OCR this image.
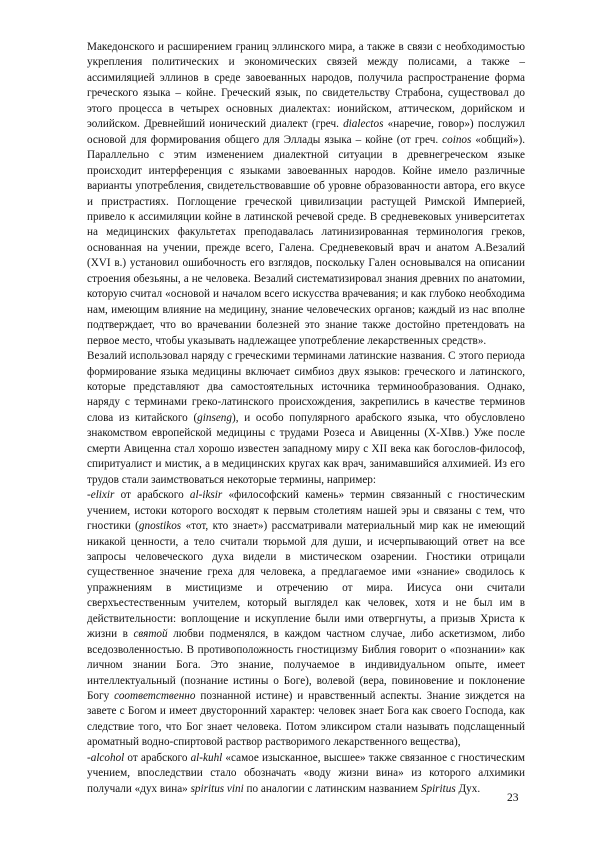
Македонского и расширением границ эллинского мира, а также в связи с необходимостью укрепления политических и экономических связей между полисами, а также – ассимиляцией эллинов в среде завоеванных народов, получила распространение форма греческого языка – койне. Греческий язык, по свидетельству Страбона, существовал до этого процесса в четырех основных диалектах: ионийском, аттическом, дорийском и эолийском. Древнейший ионический диалект (греч. dialectos «наречие, говор») послужил основой для формирования общего для Эллады языка – койне (от греч. coinos «общий»). Параллельно с этим изменением диалектной ситуации в древнегреческом языке происходит интерференция с языками завоеванных народов. Койне имело различные варианты употребления, свидетельствовавшие об уровне образованности автора, его вкусе и пристрастиях. Поглощение греческой цивилизации растущей Римской Империей, привело к ассимиляции койне в латинской речевой среде. В средневековых университетах на медицинских факультетах преподавалась латинизированная терминология греков, основанная на учении, прежде всего, Галена. Средневековый врач и анатом А.Везалий (XVI в.) установил ошибочность его взглядов, поскольку Гален основывался на описании строения обезьяны, а не человека. Везалий систематизировал знания древних по анатомии, которую считал «основой и началом всего искусства врачевания; и как глубоко необходима нам, имеющим влияние на медицину, знание человеческих органов; каждый из нас вполне подтверждает, что во врачевании болезней это знание также достойно претендовать на первое место, чтобы указывать надлежащее употребление лекарственных средств».

Везалий использовал наряду с греческими терминами латинские названия. С этого периода формирование языка медицины включает симбиоз двух языков: греческого и латинского, которые представляют два самостоятельных источника терминообразования. Однако, наряду с терминами греко-латинского происхождения, закрепились в качестве терминов слова из китайского (ginseng), и особо популярного арабского языка, что обусловлено знакомством европейской медицины с трудами Розеса и Авиценны (X-XIвв.) Уже после смерти Авиценна стал хорошо известен западному миру с XII века как богослов-философ, спиритуалист и мистик, а в медицинских кругах как врач, занимавшийся алхимией. Из его трудов стали заимствоваться некоторые термины, например:

-elixir от арабского al-iksir «философский камень» термин связанный с гностическим учением, истоки которого восходят к первым столетиям нашей эры и связаны с тем, что гностики (gnostikos «тот, кто знает») рассматривали материальный мир как не имеющий никакой ценности, а тело считали тюрьмой для души, и исчерпывающий ответ на все запросы человеческого духа видели в мистическом озарении. Гностики отрицали существенное значение греха для человека, а предлагаемое ими «знание» сводилось к упражнениям в мистицизме и отречению от мира. Иисуса они считали сверхъестественным учителем, который выглядел как человек, хотя и не был им в действительности: воплощение и искупление были ими отвергнуты, а призыв Христа к жизни в святой любви подменялся, в каждом частном случае, либо аскетизмом, либо вседозволенностью. В противоположность гностицизму Библия говорит о «познании» как личном знании Бога. Это знание, получаемое в индивидуальном опыте, имеет интеллектуальный (познание истины о Боге), волевой (вера, повиновение и поклонение Богу соответственно познанной истине) и нравственный аспекты. Знание зиждется на завете с Богом и имеет двусторонний характер: человек знает Бога как своего Господа, как следствие того, что Бог знает человека. Потом эликсиром стали называть подслащенный ароматный водно-спиртовой раствор растворимого лекарственного вещества),

-alcohol от арабского al-kuhl «самое изысканное, высшее» также связанное с гностическим учением, впоследствии стало обозначать «воду жизни вина» из которого алхимики получали «дух вина» spiritus vini по аналогии с латинским названием Spiritus Дух.

23
